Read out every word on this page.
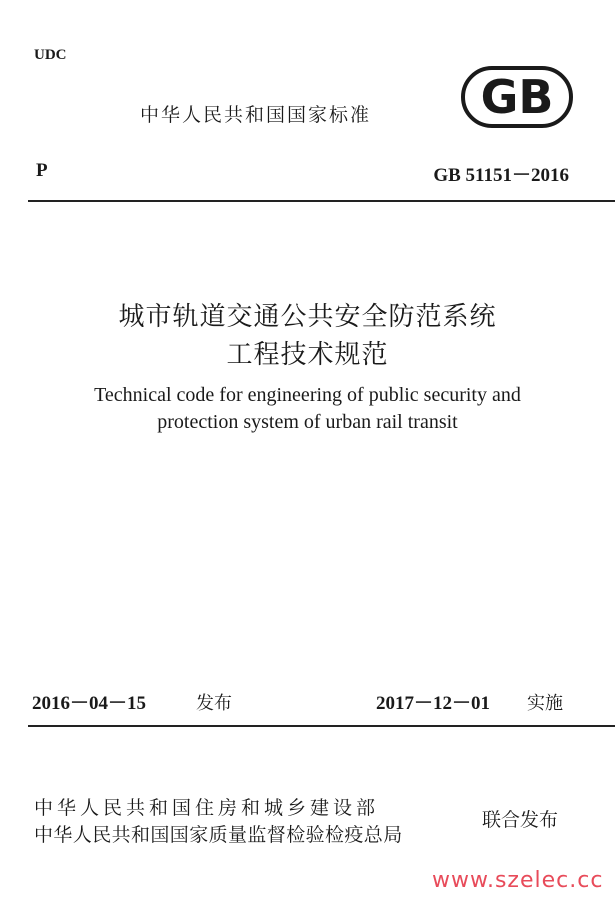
UDC
中华人民共和国国家标准 GB
P	GB 51151－2016
城市轨道交通公共安全防范系统
工程技术规范
Technical code for engineering of public security and
protection system of urban rail transit
2016－04－15	发布	2017－12－01 实施
中华人民共和国住房和城乡建设部
中华人民共和国国家质量监督检验检疫总局
联合发布
www.szelec.cc
